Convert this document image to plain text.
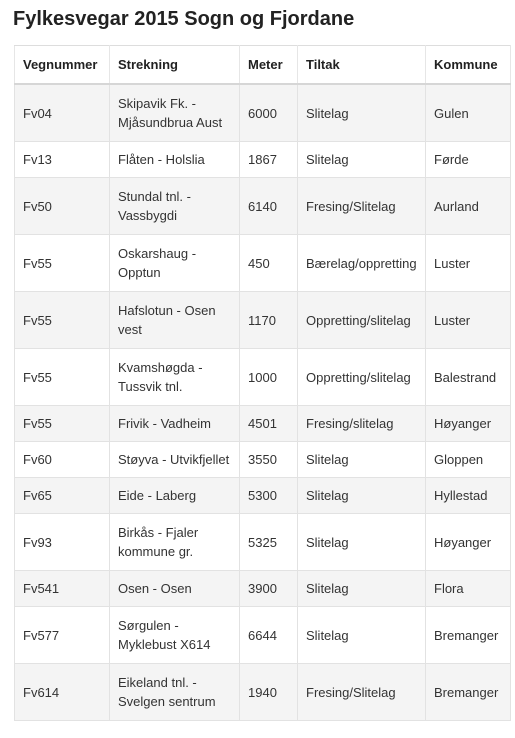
Fylkesvegar 2015 Sogn og Fjordane
Vegnummer	Strekning	Meter	Tiltak	Kommune
Fv04	Skipavik Fk. - Mjåsundbrua Aust	6000	Slitelag	Gulen
Fv13	Flåten - Holslia	1867	Slitelag	Førde
Fv50	Stundal tnl. - Vassbygdi	6140	Fresing/Slitelag	Aurland
Fv55	Oskarshaug - Opptun	450	Bærelag/oppretting	Luster
Fv55	Hafslotun - Osen vest	1170	Oppretting/slitelag	Luster
Fv55	Kvamshøgda - Tussvik tnl.	1000	Oppretting/slitelag	Balestrand
Fv55	Frivik - Vadheim	4501	Fresing/slitelag	Høyanger
Fv60	Støyva - Utvikfjellet	3550	Slitelag	Gloppen
Fv65	Eide - Laberg	5300	Slitelag	Hyllestad
Fv93	Birkås - Fjaler kommune gr.	5325	Slitelag	Høyanger
Fv541	Osen - Osen	3900	Slitelag	Flora
Fv577	Sørgulen - Myklebust X614	6644	Slitelag	Bremanger
Fv614	Eikeland tnl. - Svelgen sentrum	1940	Fresing/Slitelag	Bremanger
